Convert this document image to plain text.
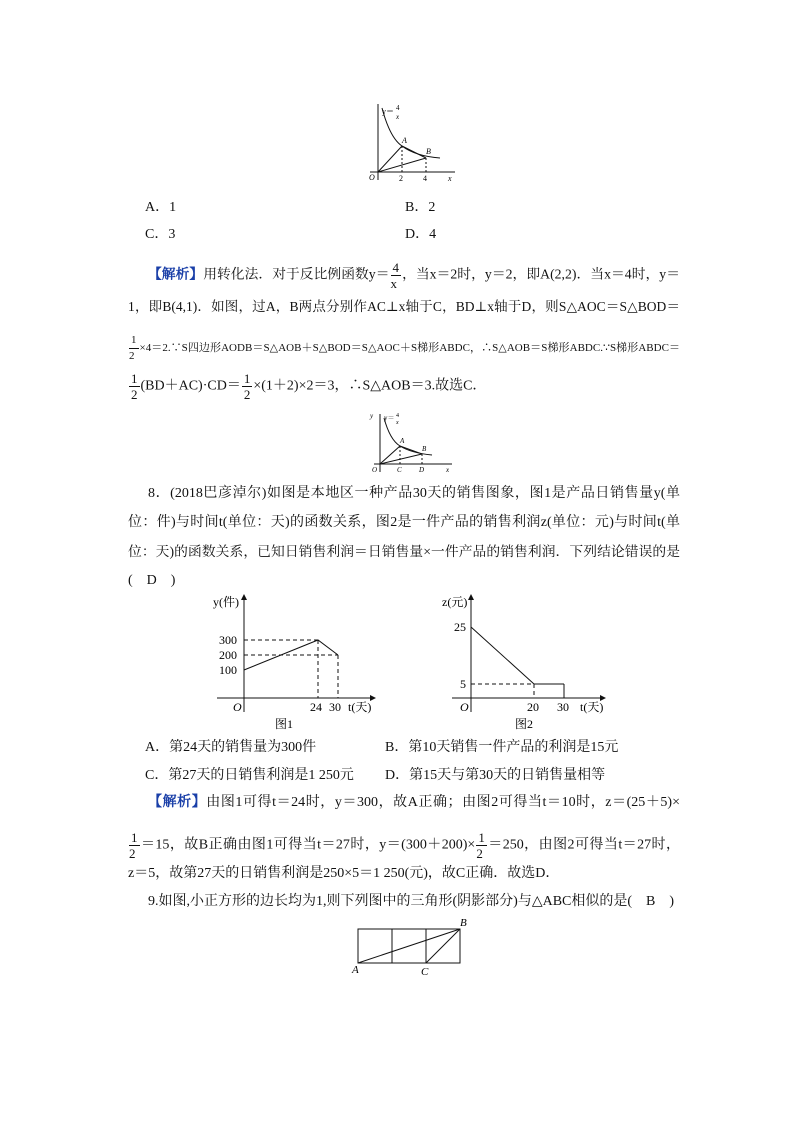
y＝ 4
x
A
B
O	2	4	x
A．1	B．2
C．3	D．4
【解析】用转化法．对于反比例函数$y= \frac{4}{x}$ ，当x＝2时，y＝2，即A(2,2)．当x＝4时，y＝
1，即B(4,1)．如图，过A，B两点分别作AC⊥x轴于C，BD⊥x轴于D，则S△AOC＝S△BOD＝
$\frac{1}{2}$ ×4＝2.∵S四边形AODB＝S△AOB＋S△BOD＝S△AOC＋S梯形ABDC，∴S△AOB＝S梯形ABDC.∵S梯形ABDC＝
$\frac{1}{2} (BD+AC)\cdot CD= \frac{1}{2} \times(1+2)\times 2=3$，∴S△AOB＝3.故选C．
y y＝ 4
x
A
B
O	C D	x
8．(2018巴彦淖尔)如图是本地区一种产品30天的销售图象，图1是产品日销售量y(单
位：件)与时间t(单位：天)的函数关系，图2是一件产品的销售利润z(单位：元)与时间t(单
位：天)的函数关系，已知日销售利润＝日销售量×一件产品的销售利润．下列结论错误的是
(　D　)
y(件)
300
200
100
O	24 30 t(天)
图1
z(元)
25
5
O	20 30 t(天)
图2
A．第24天的销售量为300件	B．第10天销售一件产品的利润是15元
C．第27天的日销售利润是1 250元	D．第15天与第30天的日销售量相等
【解析】由图1可得t＝24时，y＝300，故A正确；由图2可得当t＝10时，z＝(25＋5)×
$\frac{1}{2} =15$，故B正确由图1可得当t＝27时，$y=(300+200)\times \frac{1}{2} =250$，由图2可得当t＝27时，
z＝5，故第27天的日销售利润是250×5＝1 250(元)，故C正确．故选D．
9.如图,小正方形的边长均为1,则下列图中的三角形(阴影部分)与△ABC相似的是(　B　)
A
B
C
